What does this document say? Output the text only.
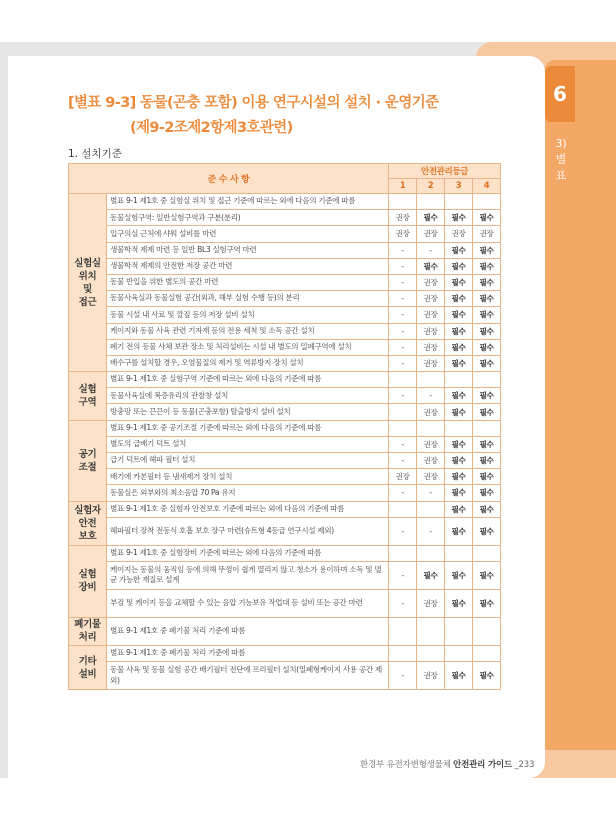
6
3)
별
표
[별표 9-3] 동물(곤충 포함) 이용 연구시설의 설치 · 운영기준
(제9-2조제2항제3호관련)
1. 설치기준
준 수 사 항		안전관리등급			
		1	2	3	4

실험실
위치
및
접근	별표 9-1 제1호 중 실험실 위치 및 접근 기준에 따르는 외에 다음의 기준에 따름				
	동물실험구역: 일반실험구역과 구분(분리)	권장	필수	필수	필수
	입구의실 근처에 샤워 설비를 마련	권장	권장	권장	권장
	생물학적 제제 마련 등 일반 BL3 실험구역 마련	-	-	필수	필수
	생물학적 제제의 안전한 저장 공간 마련	-	필수	필수	필수
	동물 반입을 위한 별도의 공간 마련	-	권장	필수	필수
	동물사육실과 동물실험 공간(외과, 해부 실험 수행 등)의 분리	-	권장	필수	필수
	동물 시설 내 사료 및 깔짚 등의 저장 설비 설치	-	권장	필수	필수
	케이지와 동물 사육 관련 기자재 등의 전용 세척 및 소독 공간 설치	-	권장	필수	필수
	폐기 전의 동물 사체 보관 장소 및 처리설비는 시설 내 별도의 밀폐구역에 설치	-	권장	필수	필수
	배수구를 설치할 경우, 오염물질의 제거 및 역류방지 장치 설치	-	권장	필수	필수

실험
구역	별표 9-1 제1호 중 실험구역 기준에 따르는 외에 다음의 기준에 따름				
	동물사육실에 복층유리의 관찰창 설치	-	-	필수	필수
	방충망 또는 끈끈이 등 동물(곤충포함) 탈출방지 설비 설치		권장	필수	필수

공기
조절	별표 9-1 제1호 중 공기조절 기준에 따르는 외에 다음의 기준에 따름				
	별도의 급배기 덕트 설치	-	권장	필수	필수
	급기 덕트에 헤파 필터 설치	-	권장	필수	필수
	배기에 카본필터 등 냄새제거 장치 설치	권장	권장	필수	필수
	동물실은 외부와의 최소음압 70 Pa 유지	-	-	필수	필수

실험자
안전
보호	별표 9-1 제1호 중 실험자 안전보호 기준에 따르는 외에 다음의 기준에 따름			필수	필수
	헤파필터 장착 전동식 호흡 보호 장구 마련(슈트형 4등급 연구시설 제외)	-	-	필수	필수

실험
장비	별표 9-1 제1호 중 실험장비 기준에 따르는 외에 다음의 기준에 따름				
	케이지는 동물의 움직임 등에 의해 뚜껑이 쉽게 열리지 않고 청소가 용이하며 소독 및 멸균 가능한 재질로 설계	-	필수	필수	필수
	부검 및 케이지 등을 교체할 수 있는 음압 기능보유 작업대 등 설비 또는 공간 마련	-	권장	필수	필수

폐기물
처리	별표 9-1 제1호 중 폐기물 처리 기준에 따름				

기타
설비	별표 9-1 제1호 중 폐기물 처리 기준에 따름				
	동물 사육 및 동물 실험 공간 배기필터 전단에 프리필터 설치(밀폐형케이지 사용 공간 제외)	-	권장	필수	필수
환경부 유전자변형생물체 안전관리 가이드 _233
